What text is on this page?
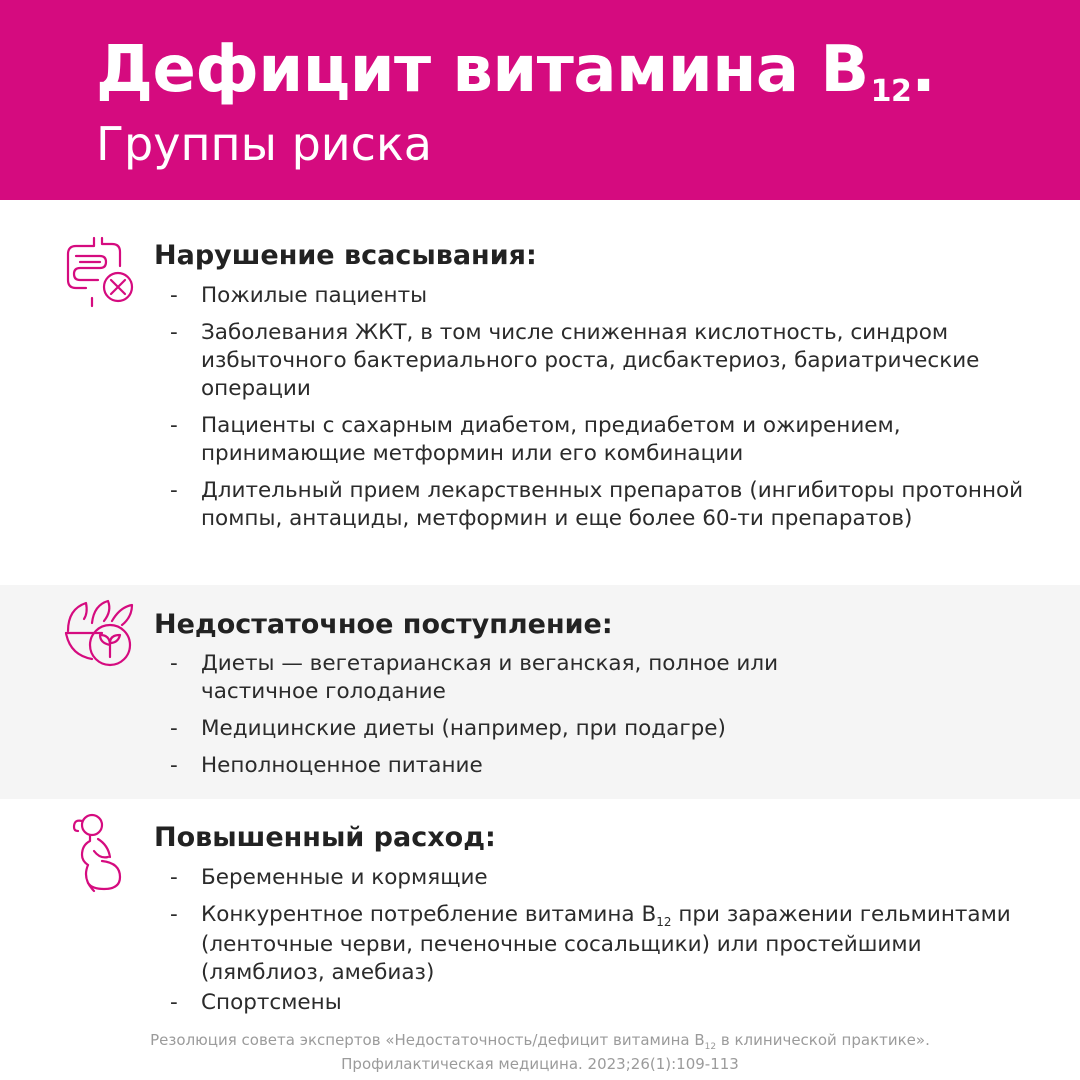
Дефицит витамина B12.

Группы риска

Нарушение всасывания:
- Пожилые пациенты
- Заболевания ЖКТ, в том числе сниженная кислотность, синдром избыточного бактериального роста, дисбактериоз, бариатрические операции
- Пациенты с сахарным диабетом, предиабетом и ожирением, принимающие метформин или его комбинации
- Длительный прием лекарственных препаратов (ингибиторы протонной помпы, антациды, метформин и еще более 60-ти препаратов)
Недостаточное поступление:
- Диеты — вегетарианская и веганская, полное или частичное голодание
- Медицинские диеты (например, при подагре)
- Неполноценное питание
Повышенный расход:
- Беременные и кормящие
- Конкурентное потребление витамина $B_{12}$ при заражении гельминтами (ленточные черви, печеночные сосальщики) или простейшими (лямблиоз, амебиаз)
- Спортсмены
Резолюция совета экспертов «Недостаточность/дефицит витамина $B_{12}$ в клинической практике».
Профилактическая медицина. 2023;26(1):109-113
